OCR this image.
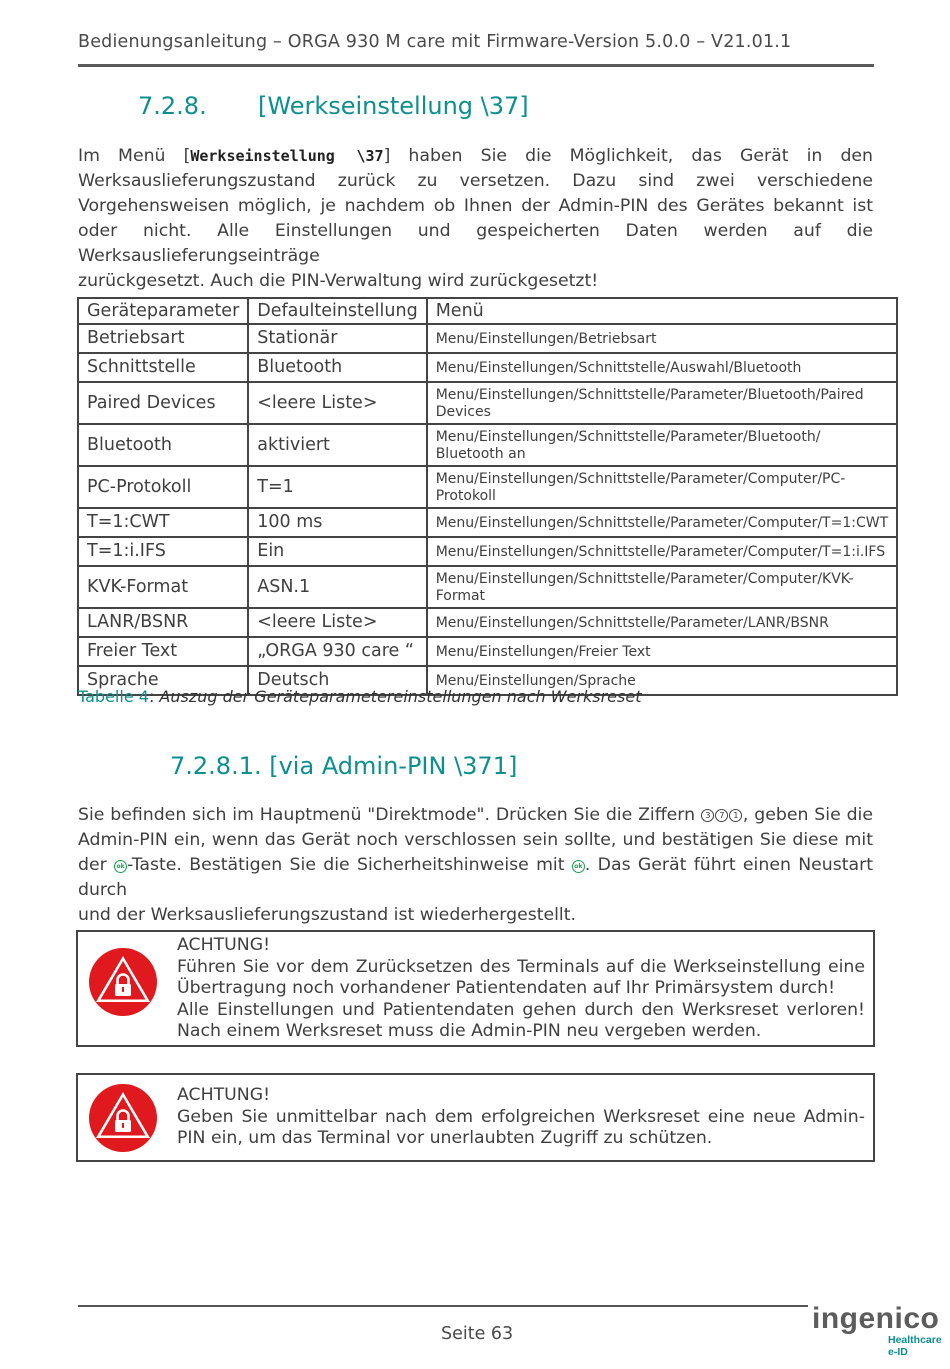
Bedienungsanleitung – ORGA 930 M care mit Firmware-Version 5.0.0 – V21.01.1
7.2.8. [Werkseinstellung \37]
Im Menü [Werkseinstellung \37] haben Sie die Möglichkeit, das Gerät in den Werksauslieferungszustand zurück zu versetzen. Dazu sind zwei verschiedene Vorgehensweisen möglich, je nachdem ob Ihnen der Admin-PIN des Gerätes bekannt ist oder nicht. Alle Einstellungen und gespeicherten Daten werden auf die Werksauslieferungseinträge
zurückgesetzt. Auch die PIN-Verwaltung wird zurückgesetzt!
Geräteparameter	Defaulteinstellung	Menü
Betriebsart	Stationär	Menu/Einstellungen/Betriebsart
Schnittstelle	Bluetooth	Menu/Einstellungen/Schnittstelle/Auswahl/Bluetooth
Paired Devices	<leere Liste>	Menu/Einstellungen/Schnittstelle/Parameter/Bluetooth/Paired Devices
Bluetooth	aktiviert	Menu/Einstellungen/Schnittstelle/Parameter/Bluetooth/ Bluetooth an
PC-Protokoll	T=1	Menu/Einstellungen/Schnittstelle/Parameter/Computer/PC-Protokoll
T=1:CWT	100 ms	Menu/Einstellungen/Schnittstelle/Parameter/Computer/T=1:CWT
T=1:i.IFS	Ein	Menu/Einstellungen/Schnittstelle/Parameter/Computer/T=1:i.IFS
KVK-Format	ASN.1	Menu/Einstellungen/Schnittstelle/Parameter/Computer/KVK-Format
LANR/BSNR	<leere Liste>	Menu/Einstellungen/Schnittstelle/Parameter/LANR/BSNR
Freier Text	„ORGA 930 care “	Menu/Einstellungen/Freier Text
Sprache	Deutsch	Menu/Einstellungen/Sprache
Tabelle 4: Auszug der Geräteparametereinstellungen nach Werksreset
7.2.8.1. [via Admin-PIN \371]
Sie befinden sich im Hauptmenü "Direktmode". Drücken Sie die Ziffern 3 7 1 , geben Sie die Admin-PIN ein, wenn das Gerät noch verschlossen sein sollte, und bestätigen Sie diese mit der ok -Taste. Bestätigen Sie die Sicherheitshinweise mit ok . Das Gerät führt einen Neustart durch
und der Werksauslieferungszustand ist wiederhergestellt.

ACHTUNG!

Führen Sie vor dem Zurücksetzen des Terminals auf die Werkseinstellung eine Übertragung noch vorhandener Patientendaten auf Ihr Primärsystem durch!

Alle Einstellungen und Patientendaten gehen durch den Werksreset verloren! Nach einem Werksreset muss die Admin-PIN neu vergeben werden.

ACHTUNG!

Geben Sie unmittelbar nach dem erfolgreichen Werksreset eine neue Admin-PIN ein, um das Terminal vor unerlaubten Zugriff zu schützen.

Seite 63	ingenico
Healthcare
e-ID
